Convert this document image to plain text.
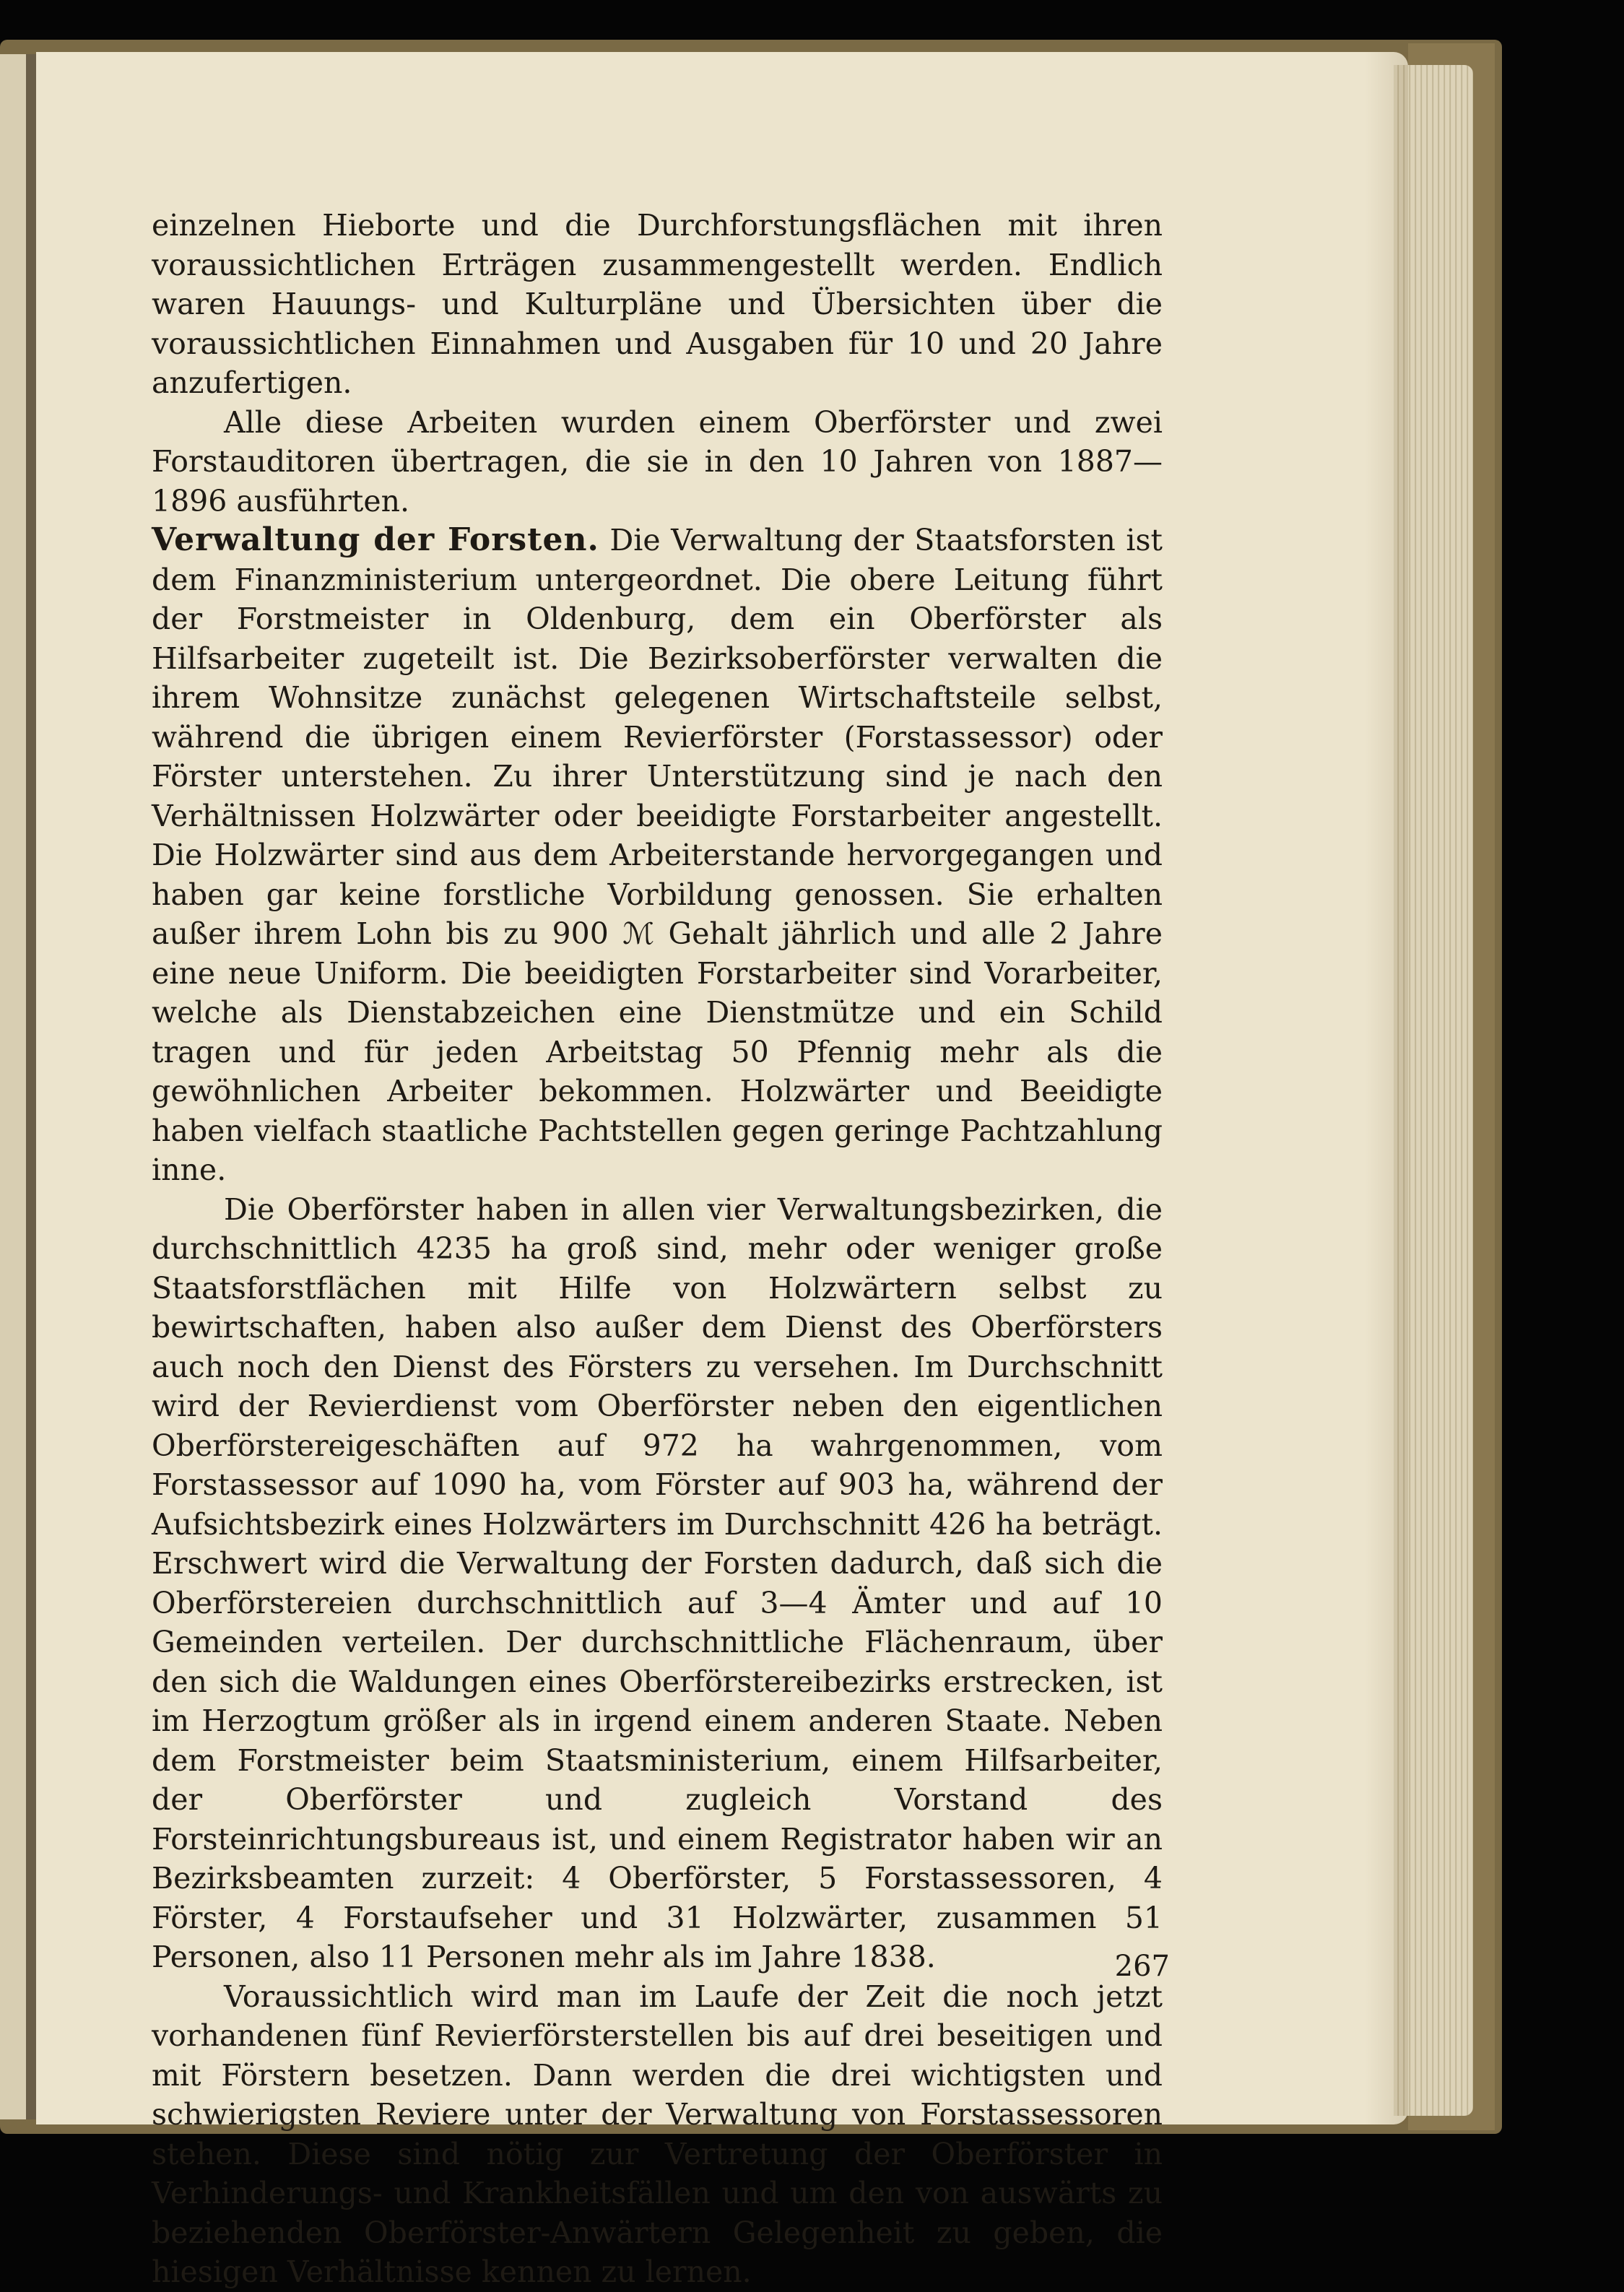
einzelnen Hieborte und die Durchforstungsflächen mit ihren voraussichtlichen Erträgen zusammengestellt werden. Endlich waren Hauungs- und Kulturpläne und Übersichten über die voraussichtlichen Einnahmen und Ausgaben für 10 und 20 Jahre anzufertigen.

Alle diese Arbeiten wurden einem Oberförster und zwei Forstauditoren übertragen, die sie in den 10 Jahren von 1887—1896 ausführten.

Verwaltung der Forsten. Die Verwaltung der Staatsforsten ist dem Finanzministerium untergeordnet. Die obere Leitung führt der Forstmeister in Oldenburg, dem ein Oberförster als Hilfsarbeiter zugeteilt ist. Die Bezirksoberförster verwalten die ihrem Wohnsitze zunächst gelegenen Wirtschaftsteile selbst, während die übrigen einem Revierförster (Forstassessor) oder Förster unterstehen. Zu ihrer Unterstützung sind je nach den Verhältnissen Holzwärter oder beeidigte Forstarbeiter angestellt. Die Holzwärter sind aus dem Arbeiterstande hervorgegangen und haben gar keine forstliche Vorbildung genossen. Sie erhalten außer ihrem Lohn bis zu 900 ℳ Gehalt jährlich und alle 2 Jahre eine neue Uniform. Die beeidigten Forstarbeiter sind Vorarbeiter, welche als Dienstabzeichen eine Dienstmütze und ein Schild tragen und für jeden Arbeitstag 50 Pfennig mehr als die gewöhnlichen Arbeiter bekommen. Holzwärter und Beeidigte haben vielfach staatliche Pachtstellen gegen geringe Pachtzahlung inne.

Die Oberförster haben in allen vier Verwaltungsbezirken, die durchschnittlich 4235 ha groß sind, mehr oder weniger große Staatsforstflächen mit Hilfe von Holzwärtern selbst zu bewirtschaften, haben also außer dem Dienst des Oberförsters auch noch den Dienst des Försters zu versehen. Im Durchschnitt wird der Revierdienst vom Oberförster neben den eigentlichen Oberförstereigeschäften auf 972 ha wahrgenommen, vom Forstassessor auf 1090 ha, vom Förster auf 903 ha, während der Aufsichtsbezirk eines Holzwärters im Durchschnitt 426 ha beträgt. Erschwert wird die Verwaltung der Forsten dadurch, daß sich die Oberförstereien durchschnittlich auf 3—4 Ämter und auf 10 Gemeinden verteilen. Der durchschnittliche Flächenraum, über den sich die Waldungen eines Oberförstereibezirks erstrecken, ist im Herzogtum größer als in irgend einem anderen Staate. Neben dem Forstmeister beim Staatsministerium, einem Hilfsarbeiter, der Oberförster und zugleich Vorstand des Forsteinrichtungsbureaus ist, und einem Registrator haben wir an Bezirksbeamten zurzeit: 4 Oberförster, 5 Forstassessoren, 4 Förster, 4 Forstaufseher und 31 Holzwärter, zusammen 51 Personen, also 11 Personen mehr als im Jahre 1838.

Voraussichtlich wird man im Laufe der Zeit die noch jetzt vorhandenen fünf Revierförsterstellen bis auf drei beseitigen und mit Förstern besetzen. Dann werden die drei wichtigsten und schwierigsten Reviere unter der Verwaltung von Forstassessoren stehen. Diese sind nötig zur Vertretung der Oberförster in Verhinderungs- und Krankheitsfällen und um den von auswärts zu beziehenden Oberförster-Anwärtern Gelegenheit zu geben, die hiesigen Verhältnisse kennen zu lernen.

267
